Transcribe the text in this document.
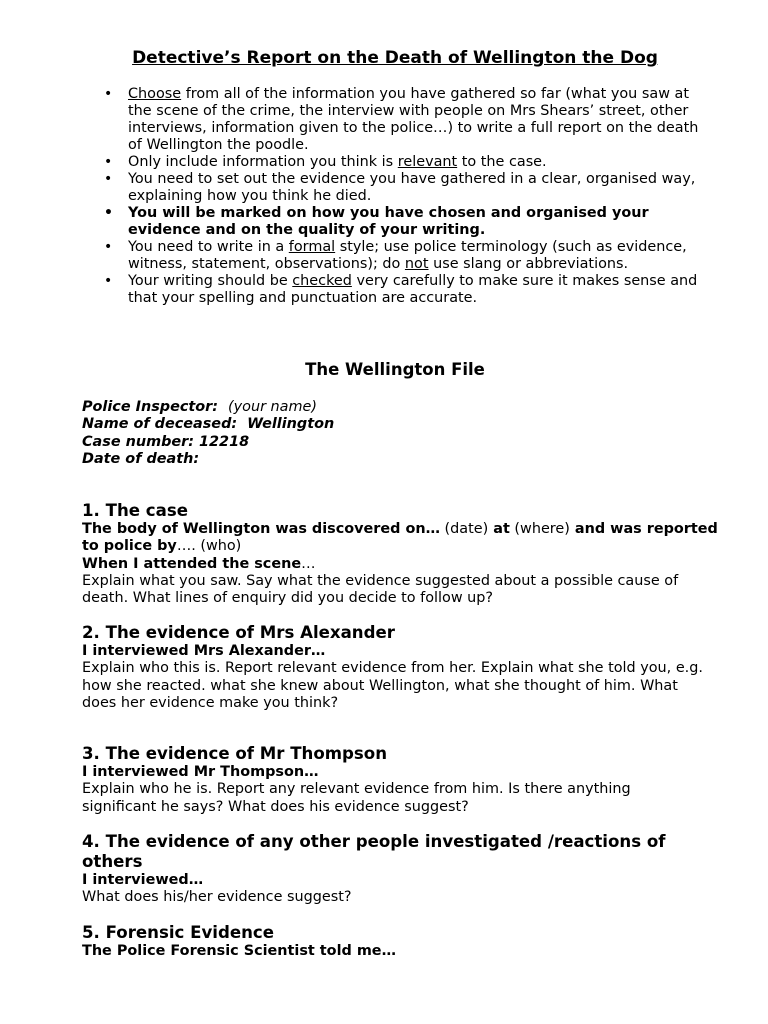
Detective’s Report on the Death of Wellington the Dog
• Choose from all of the information you have gathered so far (what you saw at the scene of the crime, the interview with people on Mrs Shears’ street, other interviews, information given to the police…) to write a full report on the death of Wellington the poodle.
• Only include information you think is relevant to the case.
• You need to set out the evidence you have gathered in a clear, organised way, explaining how you think he died.
• You will be marked on how you have chosen and organised your evidence and on the quality of your writing.
• You need to write in a formal style; use police terminology (such as evidence, witness, statement, observations); do not use slang or abbreviations.
• Your writing should be checked very carefully to make sure it makes sense and that your spelling and punctuation are accurate.
The Wellington File
Police Inspector: (your name)
Name of deceased: Wellington
Case number: 12218
Date of death:
1. The case

The body of Wellington was discovered on… (date) at (where) and was reported to police by…. (who)

When I attended the scene…

Explain what you saw. Say what the evidence suggested about a possible cause of death. What lines of enquiry did you decide to follow up?

2. The evidence of Mrs Alexander

I interviewed Mrs Alexander…

Explain who this is. Report relevant evidence from her. Explain what she told you, e.g. how she reacted. what she knew about Wellington, what she thought of him. What does her evidence make you think?

3. The evidence of Mr Thompson

I interviewed Mr Thompson…

Explain who he is. Report any relevant evidence from him. Is there anything significant he says? What does his evidence suggest?

4. The evidence of any other people investigated /reactions of others

I interviewed…

What does his/her evidence suggest?

5. Forensic Evidence

The Police Forensic Scientist told me…
